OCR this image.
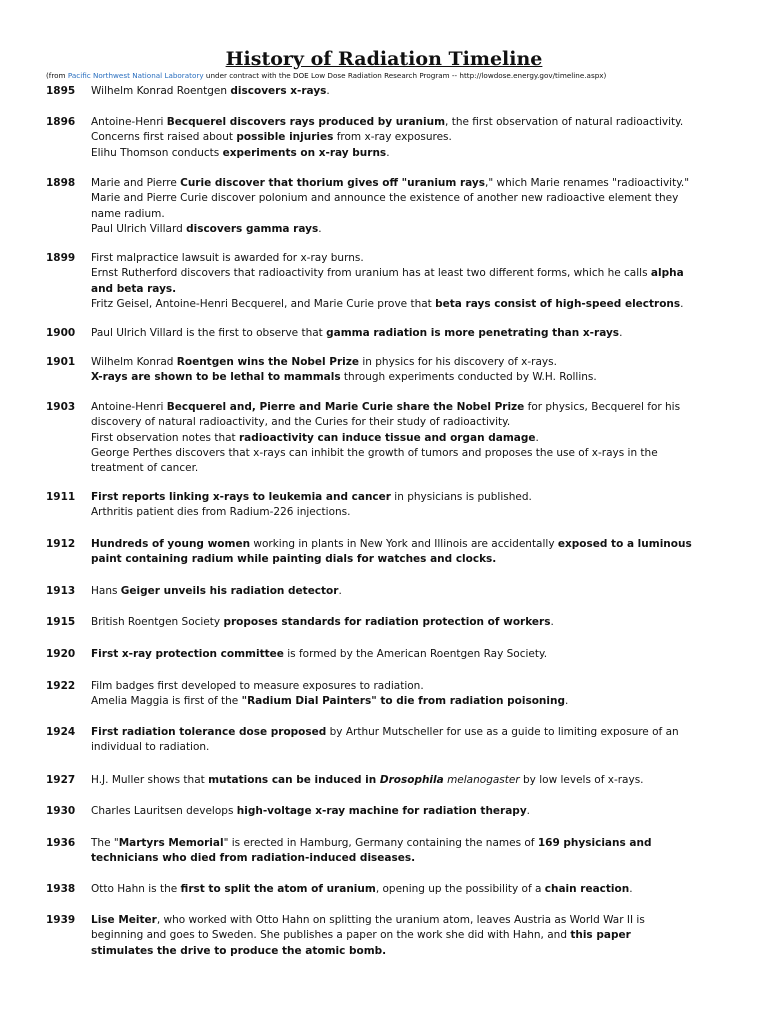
History of Radiation Timeline
(from Pacific Northwest National Laboratory under contract with the DOE Low Dose Radiation Research Program -- http://lowdose.energy.gov/timeline.aspx)
1895 Wilhelm Konrad Roentgen discovers x-rays.
1896 Antoine-Henri Becquerel discovers rays produced by uranium, the first observation of natural radioactivity.
Concerns first raised about possible injuries from x-ray exposures.
Elihu Thomson conducts experiments on x-ray burns.
1898 Marie and Pierre Curie discover that thorium gives off "uranium rays," which Marie renames "radioactivity."
Marie and Pierre Curie discover polonium and announce the existence of another new radioactive element they
name radium.
Paul Ulrich Villard discovers gamma rays.
1899 First malpractice lawsuit is awarded for x-ray burns.
Ernst Rutherford discovers that radioactivity from uranium has at least two different forms, which he calls alpha
and beta rays.
Fritz Geisel, Antoine-Henri Becquerel, and Marie Curie prove that beta rays consist of high-speed electrons.
1900 Paul Ulrich Villard is the first to observe that gamma radiation is more penetrating than x-rays.
1901 Wilhelm Konrad Roentgen wins the Nobel Prize in physics for his discovery of x-rays.
X-rays are shown to be lethal to mammals through experiments conducted by W.H. Rollins.
1903 Antoine-Henri Becquerel and, Pierre and Marie Curie share the Nobel Prize for physics, Becquerel for his
discovery of natural radioactivity, and the Curies for their study of radioactivity.
First observation notes that radioactivity can induce tissue and organ damage.
George Perthes discovers that x-rays can inhibit the growth of tumors and proposes the use of x-rays in the
treatment of cancer.
1911 First reports linking x-rays to leukemia and cancer in physicians is published.
Arthritis patient dies from Radium-226 injections.
1912 Hundreds of young women working in plants in New York and Illinois are accidentally exposed to a luminous
paint containing radium while painting dials for watches and clocks.
1913 Hans Geiger unveils his radiation detector.
1915 British Roentgen Society proposes standards for radiation protection of workers.
1920 First x-ray protection committee is formed by the American Roentgen Ray Society.
1922 Film badges first developed to measure exposures to radiation.
Amelia Maggia is first of the "Radium Dial Painters" to die from radiation poisoning.
1924 First radiation tolerance dose proposed by Arthur Mutscheller for use as a guide to limiting exposure of an
individual to radiation.
1927 H.J. Muller shows that mutations can be induced in Drosophila melanogaster by low levels of x-rays.
1930 Charles Lauritsen develops high-voltage x-ray machine for radiation therapy.
1936 The "Martyrs Memorial" is erected in Hamburg, Germany containing the names of 169 physicians and
technicians who died from radiation-induced diseases.
1938 Otto Hahn is the first to split the atom of uranium, opening up the possibility of a chain reaction.
1939 Lise Meiter, who worked with Otto Hahn on splitting the uranium atom, leaves Austria as World War II is
beginning and goes to Sweden. She publishes a paper on the work she did with Hahn, and this paper
stimulates the drive to produce the atomic bomb.
